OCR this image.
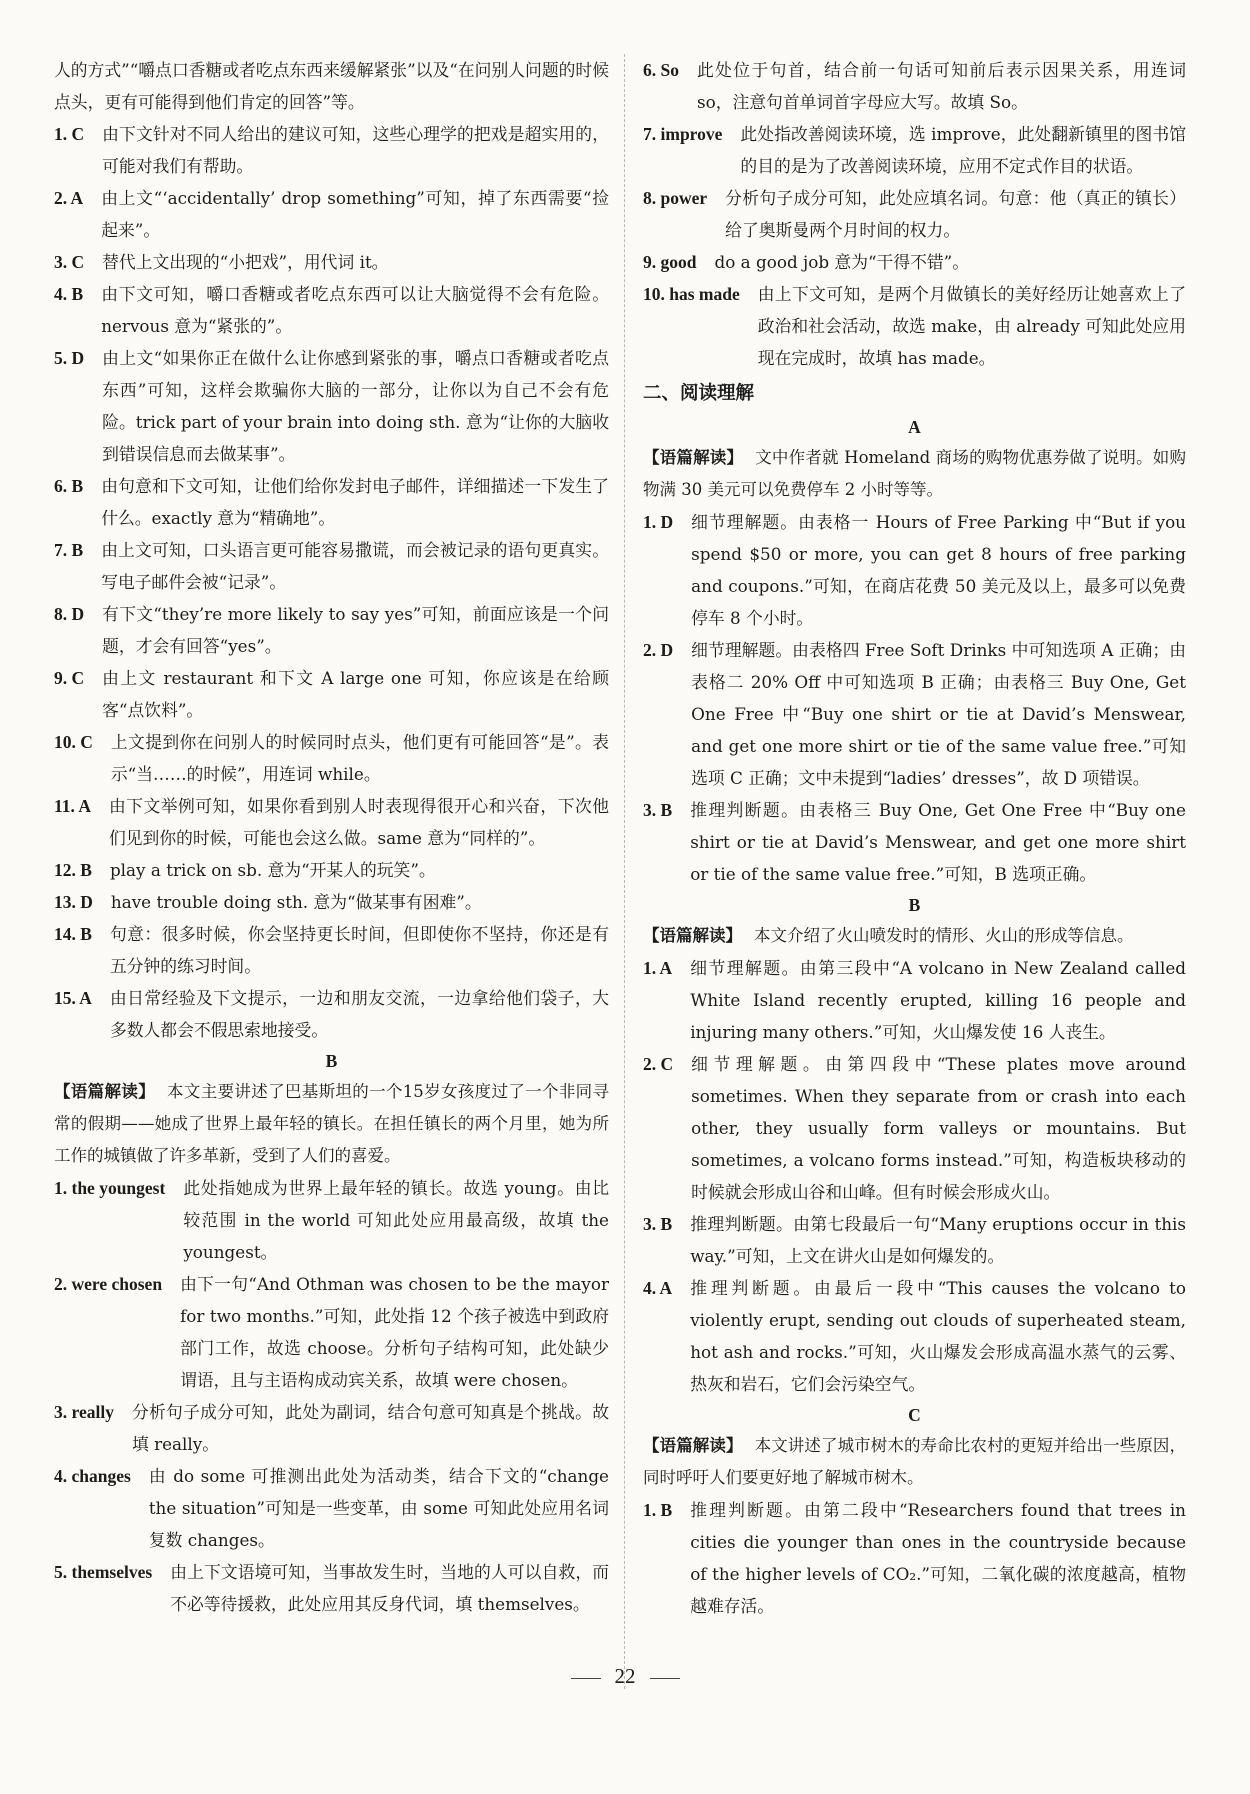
人的方式”“嚼点口香糖或者吃点东西来缓解紧张”以及“在问别人问题的时候点头，更有可能得到他们肯定的回答”等。

1. C	由下文针对不同人给出的建议可知，这些心理学的把戏是超实用的，可能对我们有帮助。
2. A	由上文“‘accidentally’ drop something”可知，掉了东西需要“捡起来”。
3. C	替代上文出现的“小把戏”，用代词 it。
4. B	由下文可知，嚼口香糖或者吃点东西可以让大脑觉得不会有危险。nervous 意为“紧张的”。
5. D	由上文“如果你正在做什么让你感到紧张的事，嚼点口香糖或者吃点东西”可知，这样会欺骗你大脑的一部分，让你以为自己不会有危险。trick part of your brain into doing sth. 意为“让你的大脑收到错误信息而去做某事”。
6. B	由句意和下文可知，让他们给你发封电子邮件，详细描述一下发生了什么。exactly 意为“精确地”。
7. B	由上文可知，口头语言更可能容易撒谎，而会被记录的语句更真实。写电子邮件会被“记录”。
8. D	有下文“they’re more likely to say yes”可知，前面应该是一个问题，才会有回答“yes”。
9. C	由上文 restaurant 和下文 A large one 可知，你应该是在给顾客“点饮料”。
10. C	上文提到你在问别人的时候同时点头，他们更有可能回答“是”。表示“当……的时候”，用连词 while。
11. A	由下文举例可知，如果你看到别人时表现得很开心和兴奋，下次他们见到你的时候，可能也会这么做。same 意为“同样的”。
12. B	play a trick on sb. 意为“开某人的玩笑”。
13. D	have trouble doing sth. 意为“做某事有困难”。
14. B	句意：很多时候，你会坚持更长时间，但即使你不坚持，你还是有五分钟的练习时间。
15. A	由日常经验及下文提示，一边和朋友交流，一边拿给他们袋子，大多数人都会不假思索地接受。

B

【语篇解读】 本文主要讲述了巴基斯坦的一个15岁女孩度过了一个非同寻常的假期——她成了世界上最年轻的镇长。在担任镇长的两个月里，她为所工作的城镇做了许多革新，受到了人们的喜爱。

1. the youngest	此处指她成为世界上最年轻的镇长。故选 young。由比较范围 in the world 可知此处应用最高级，故填 the youngest。
2. were chosen	由下一句“And Othman was chosen to be the mayor for two months.”可知，此处指 12 个孩子被选中到政府部门工作，故选 choose。分析句子结构可知，此处缺少谓语，且与主语构成动宾关系，故填 were chosen。
3. really	分析句子成分可知，此处为副词，结合句意可知真是个挑战。故填 really。
4. changes	由 do some 可推测出此处为活动类，结合下文的“change the situation”可知是一些变革，由 some 可知此处应用名词复数 changes。
5. themselves	由上下文语境可知，当事故发生时，当地的人可以自救，而不必等待援救，此处应用其反身代词，填 themselves。
6. So	此处位于句首，结合前一句话可知前后表示因果关系，用连词 so，注意句首单词首字母应大写。故填 So。
7. improve	此处指改善阅读环境，选 improve，此处翻新镇里的图书馆的目的是为了改善阅读环境，应用不定式作目的状语。
8. power	分析句子成分可知，此处应填名词。句意：他（真正的镇长）给了奥斯曼两个月时间的权力。
9. good	do a good job 意为“干得不错”。
10. has made	由上下文可知，是两个月做镇长的美好经历让她喜欢上了政治和社会活动，故选 make，由 already 可知此处应用现在完成时，故填 has made。

二、阅读理解

A

【语篇解读】 文中作者就 Homeland 商场的购物优惠券做了说明。如购物满 30 美元可以免费停车 2 小时等等。

1. D	细节理解题。由表格一 Hours of Free Parking 中“But if you spend $50 or more, you can get 8 hours of free parking and coupons.”可知，在商店花费 50 美元及以上，最多可以免费停车 8 个小时。
2. D	细节理解题。由表格四 Free Soft Drinks 中可知选项 A 正确；由表格二 20% Off 中可知选项 B 正确；由表格三 Buy One, Get One Free 中“Buy one shirt or tie at David’s Menswear, and get one more shirt or tie of the same value free.”可知选项 C 正确；文中未提到“ladies’ dresses”，故 D 项错误。
3. B	推理判断题。由表格三 Buy One, Get One Free 中“Buy one shirt or tie at David’s Menswear, and get one more shirt or tie of the same value free.”可知，B 选项正确。

B

【语篇解读】 本文介绍了火山喷发时的情形、火山的形成等信息。

1. A	细节理解题。由第三段中“A volcano in New Zealand called White Island recently erupted, killing 16 people and injuring many others.”可知，火山爆发使 16 人丧生。
2. C	细节理解题。由第四段中“These plates move around sometimes. When they separate from or crash into each other, they usually form valleys or mountains. But sometimes, a volcano forms instead.”可知，构造板块移动的时候就会形成山谷和山峰。但有时候会形成火山。
3. B	推理判断题。由第七段最后一句“Many eruptions occur in this way.”可知，上文在讲火山是如何爆发的。
4. A	推理判断题。由最后一段中“This causes the volcano to violently erupt, sending out clouds of superheated steam, hot ash and rocks.”可知，火山爆发会形成高温水蒸气的云雾、热灰和岩石，它们会污染空气。

C

【语篇解读】 本文讲述了城市树木的寿命比农村的更短并给出一些原因，同时呼吁人们要更好地了解城市树木。

1. B	推理判断题。由第二段中“Researchers found that trees in cities die younger than ones in the countryside because of the higher levels of CO₂.”可知，二氧化碳的浓度越高，植物越难存活。
22
